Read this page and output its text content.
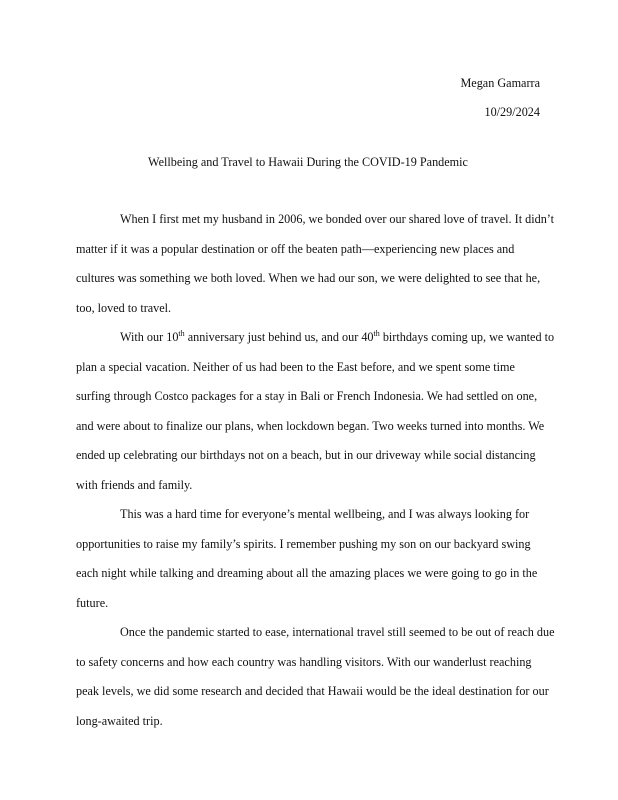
Megan Gamarra
10/29/2024
Wellbeing and Travel to Hawaii During the COVID-19 Pandemic
When I first met my husband in 2006, we bonded over our shared love of travel. It didn’t
matter if it was a popular destination or off the beaten path—experiencing new places and
cultures was something we both loved. When we had our son, we were delighted to see that he,
too, loved to travel.
With our 10th anniversary just behind us, and our 40th birthdays coming up, we wanted to
plan a special vacation. Neither of us had been to the East before, and we spent some time
surfing through Costco packages for a stay in Bali or French Indonesia. We had settled on one,
and were about to finalize our plans, when lockdown began. Two weeks turned into months. We
ended up celebrating our birthdays not on a beach, but in our driveway while social distancing
with friends and family.
This was a hard time for everyone’s mental wellbeing, and I was always looking for
opportunities to raise my family’s spirits. I remember pushing my son on our backyard swing
each night while talking and dreaming about all the amazing places we were going to go in the
future.
Once the pandemic started to ease, international travel still seemed to be out of reach due
to safety concerns and how each country was handling visitors. With our wanderlust reaching
peak levels, we did some research and decided that Hawaii would be the ideal destination for our
long-awaited trip.
